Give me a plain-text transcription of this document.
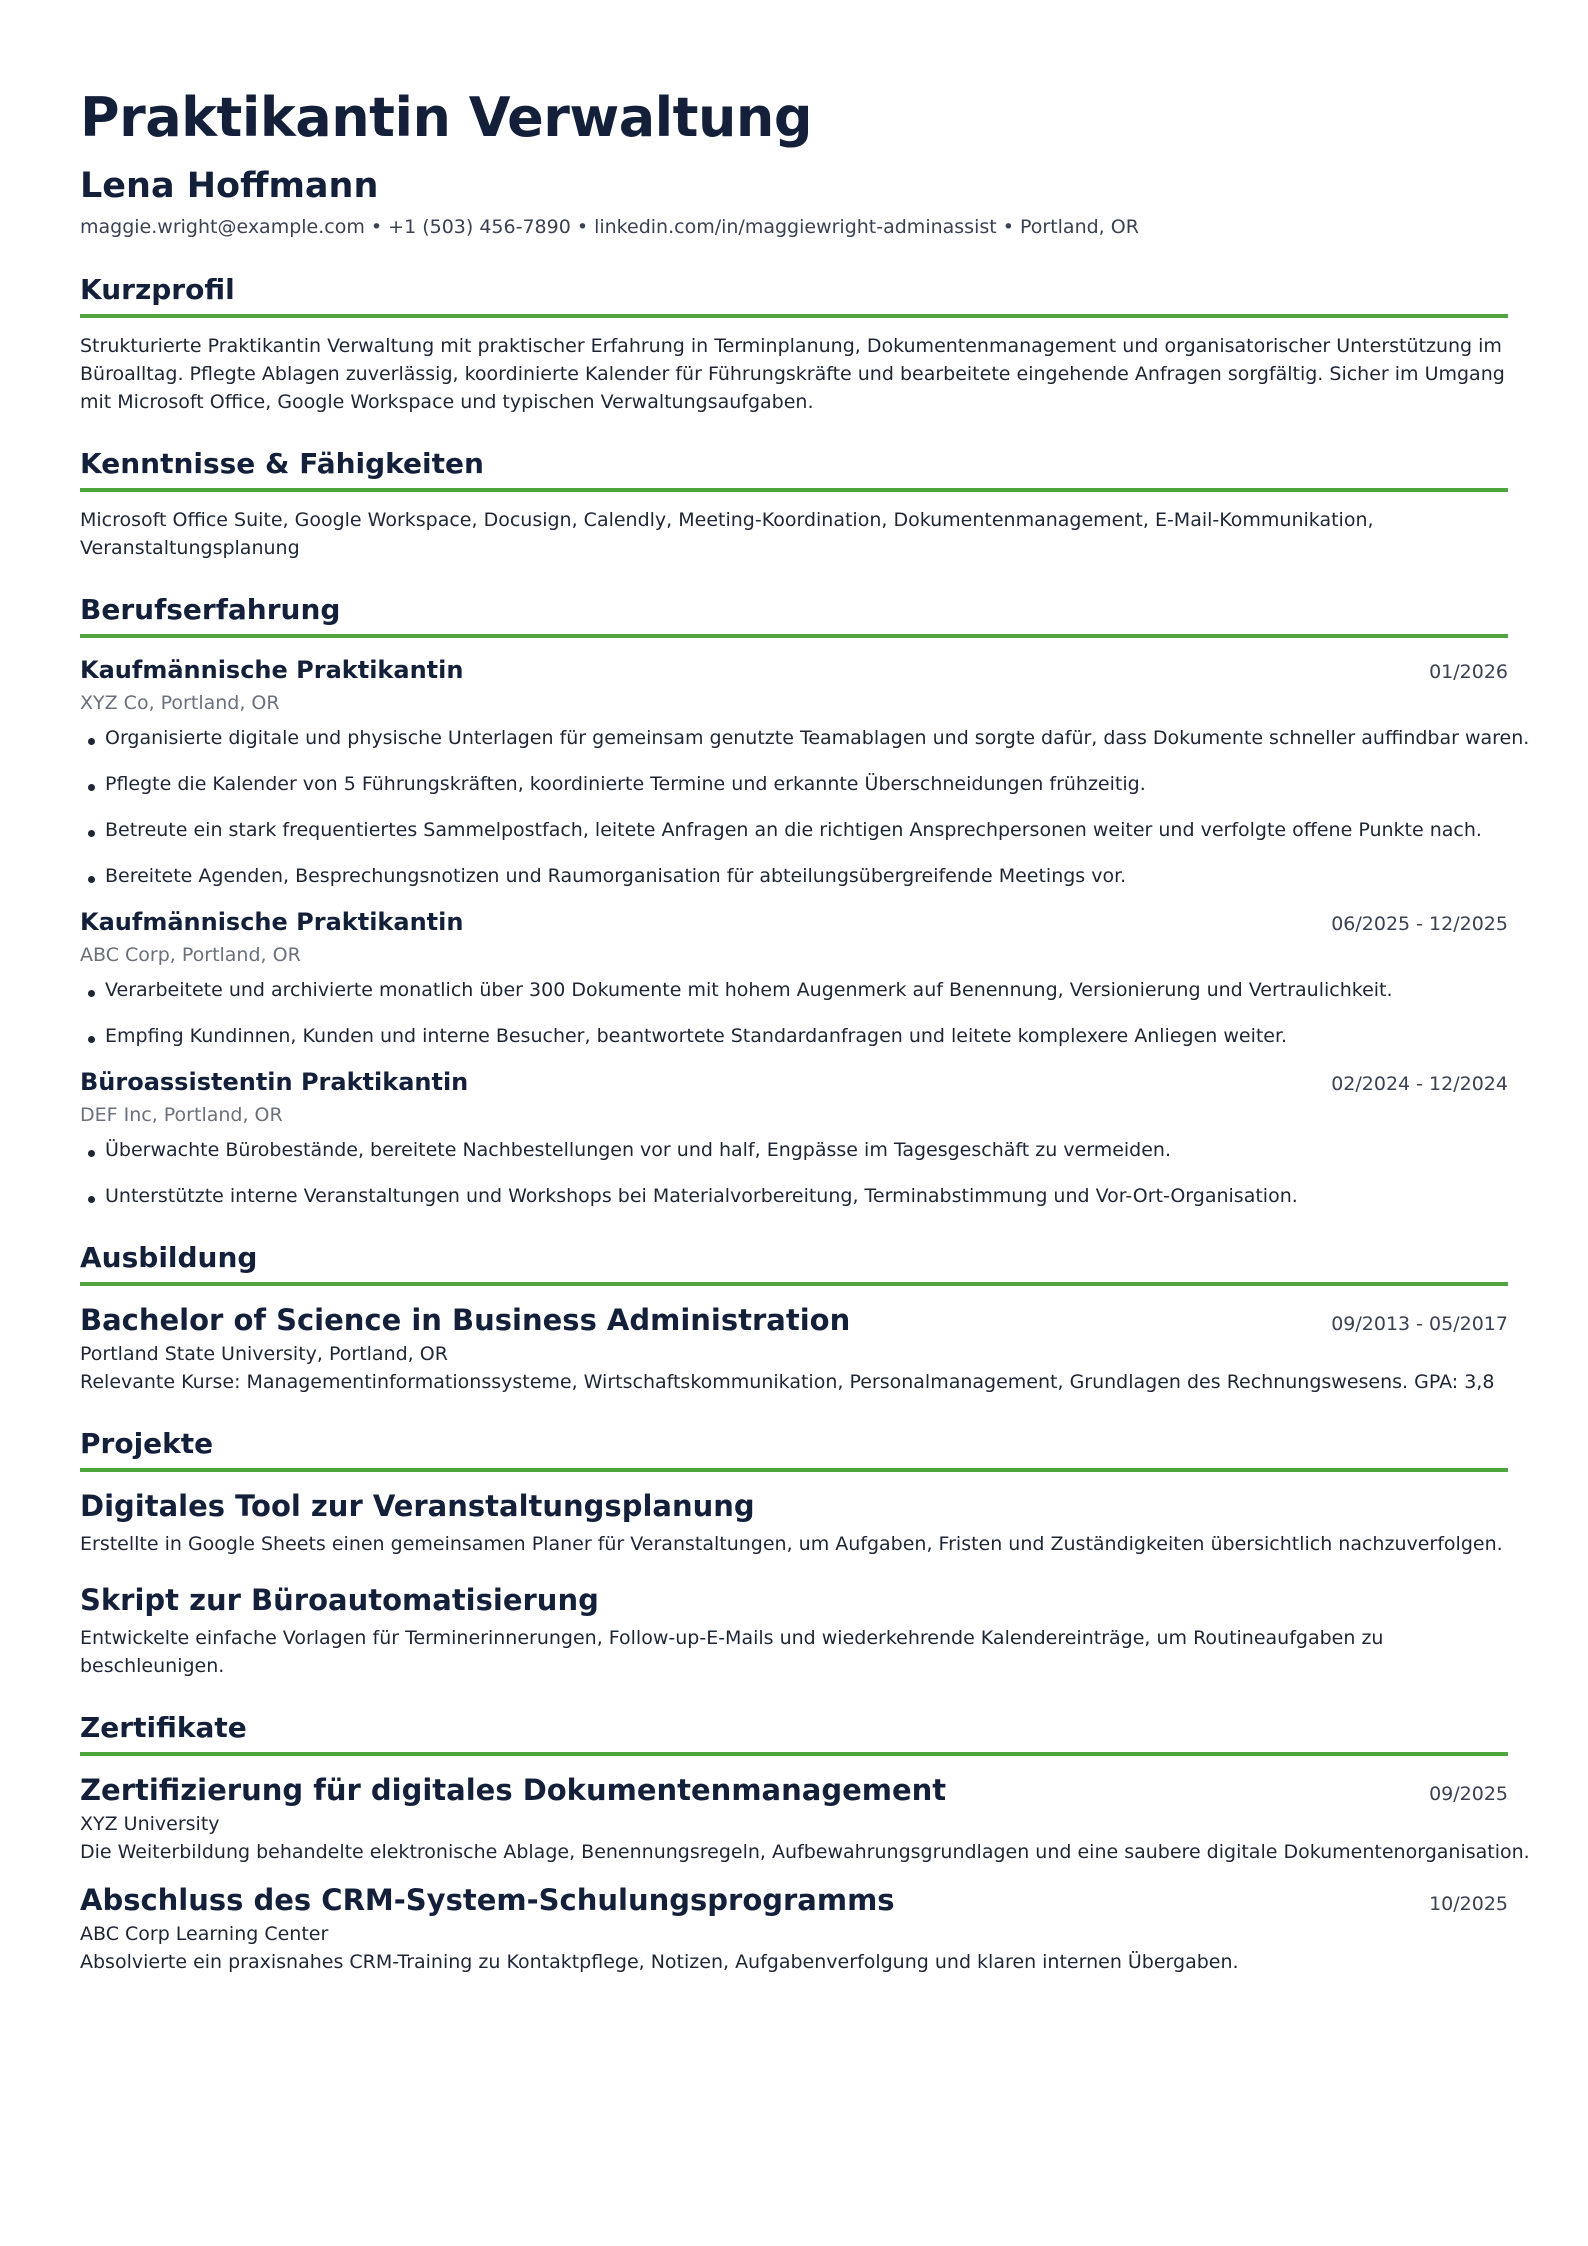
Praktikantin Verwaltung
Lena Hoffmann
maggie.wright@example.com • +1 (503) 456-7890 • linkedin.com/in/maggiewright-adminassist • Portland, OR
Kurzprofil

Strukturierte Praktikantin Verwaltung mit praktischer Erfahrung in Terminplanung, Dokumentenmanagement und organisatorischer Unterstützung im Büroalltag. Pflegte Ablagen zuverlässig, koordinierte Kalender für Führungskräfte und bearbeitete eingehende Anfragen sorgfältig. Sicher im Umgang mit Microsoft Office, Google Workspace und typischen Verwaltungsaufgaben.

Kenntnisse & Fähigkeiten

Microsoft Office Suite, Google Workspace, Docusign, Calendly, Meeting-Koordination, Dokumentenmanagement, E-Mail-Kommunikation, Veranstaltungsplanung

Berufserfahrung
Kaufmännische Praktikantin	01/2026
XYZ Co, Portland, OR
Organisierte digitale und physische Unterlagen für gemeinsam genutzte Teamablagen und sorgte dafür, dass Dokumente schneller auffindbar waren.
Pflegte die Kalender von 5 Führungskräften, koordinierte Termine und erkannte Überschneidungen frühzeitig.
Betreute ein stark frequentiertes Sammelpostfach, leitete Anfragen an die richtigen Ansprechpersonen weiter und verfolgte offene Punkte nach.
Bereitete Agenden, Besprechungsnotizen und Raumorganisation für abteilungsübergreifende Meetings vor.
Kaufmännische Praktikantin	06/2025 - 12/2025
ABC Corp, Portland, OR
Verarbeitete und archivierte monatlich über 300 Dokumente mit hohem Augenmerk auf Benennung, Versionierung und Vertraulichkeit.
Empfing Kundinnen, Kunden und interne Besucher, beantwortete Standardanfragen und leitete komplexere Anliegen weiter.
Büroassistentin Praktikantin	02/2024 - 12/2024
DEF Inc, Portland, OR
Überwachte Bürobestände, bereitete Nachbestellungen vor und half, Engpässe im Tagesgeschäft zu vermeiden.
Unterstützte interne Veranstaltungen und Workshops bei Materialvorbereitung, Terminabstimmung und Vor-Ort-Organisation.
Ausbildung
Bachelor of Science in Business Administration	09/2013 - 05/2017
Portland State University, Portland, OR
Relevante Kurse: Managementinformationssysteme, Wirtschaftskommunikation, Personalmanagement, Grundlagen des Rechnungswesens. GPA: 3,8
Projekte
Digitales Tool zur Veranstaltungsplanung

Erstellte in Google Sheets einen gemeinsamen Planer für Veranstaltungen, um Aufgaben, Fristen und Zuständigkeiten übersichtlich nachzuverfolgen.

Skript zur Büroautomatisierung

Entwickelte einfache Vorlagen für Terminerinnerungen, Follow-up-E-Mails und wiederkehrende Kalendereinträge, um Routineaufgaben zu beschleunigen.

Zertifikate
Zertifizierung für digitales Dokumentenmanagement	09/2025
XYZ University
Die Weiterbildung behandelte elektronische Ablage, Benennungsregeln, Aufbewahrungsgrundlagen und eine saubere digitale Dokumentenorganisation.
Abschluss des CRM-System-Schulungsprogramms	10/2025
ABC Corp Learning Center
Absolvierte ein praxisnahes CRM-Training zu Kontaktpflege, Notizen, Aufgabenverfolgung und klaren internen Übergaben.
